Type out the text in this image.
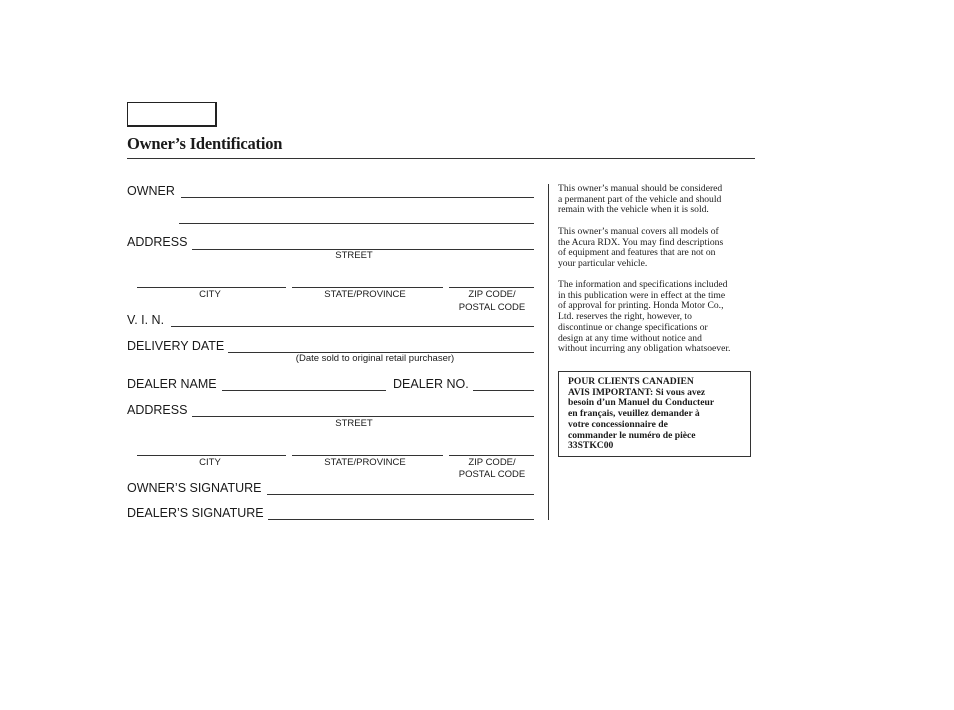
Owner’s Identification
OWNER
ADDRESS
STREET
CITY	STATE/PROVINCE	ZIP CODE/
POSTAL CODE
V. I. N.
DELIVERY DATE
(Date sold to original retail purchaser)
DEALER NAME	DEALER NO.
ADDRESS
STREET
CITY	STATE/PROVINCE	ZIP CODE/
POSTAL CODE
OWNER’S SIGNATURE
DEALER’S SIGNATURE
This owner’s manual should be considered
a permanent part of the vehicle and should
remain with the vehicle when it is sold.
This owner’s manual covers all models of
the Acura RDX. You may find descriptions
of equipment and features that are not on
your particular vehicle.
The information and specifications included
in this publication were in effect at the time
of approval for printing. Honda Motor Co.,
Ltd. reserves the right, however, to
discontinue or change specifications or
design at any time without notice and
without incurring any obligation whatsoever.
POUR CLIENTS CANADIEN
AVIS IMPORTANT: Si vous avez
besoin d’un Manuel du Conducteur
en français, veuillez demander à
votre concessionnaire de
commander le numéro de pièce
33STKC00
